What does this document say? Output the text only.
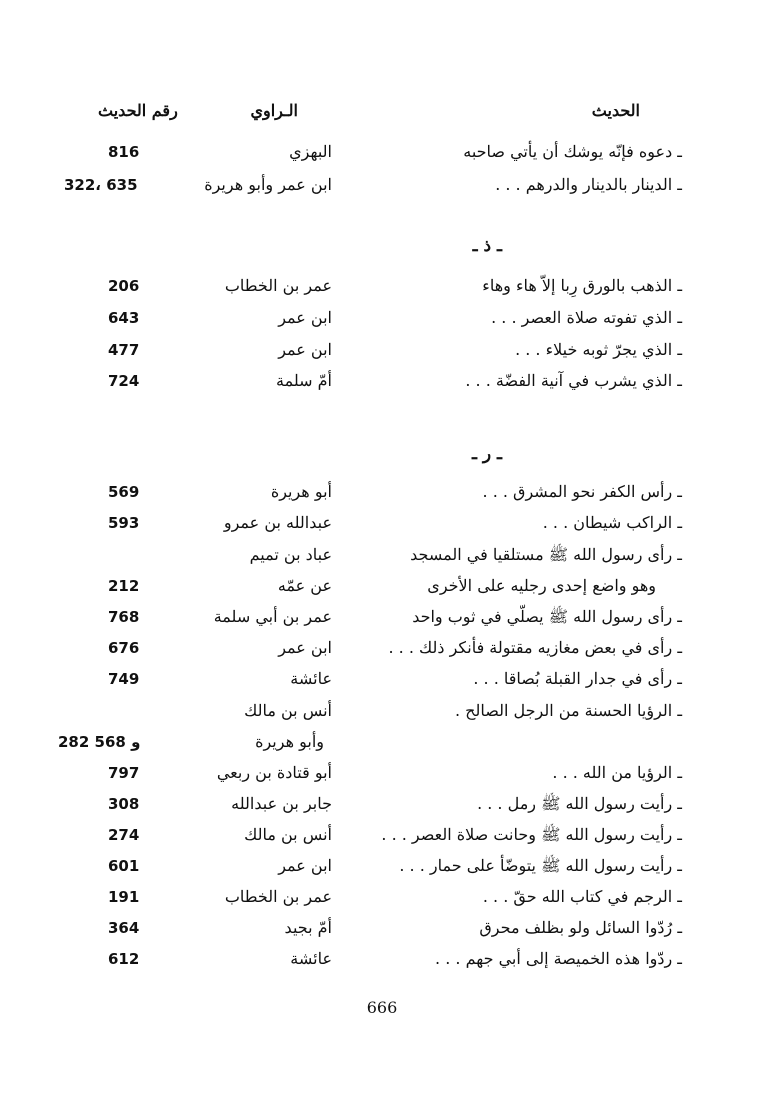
الحديث
الـراوي
رقم الحديث
ـ دعوه فإنّه يوشك أن يأتي صاحبه
البهزي
816
ـ الدينار بالدينار والدرهم . . .
ابن عمر وأبو هريرة
322، 635
ـ ذ ـ
ـ الذهب بالورق رِبا إلاّ هاء وهاء
عمر بن الخطاب
206
ـ الذي تفوته صلاة العصر . . .
ابن عمر
643
ـ الذي يجرّ ثوبه خيلاء . . .
ابن عمر
477
ـ الذي يشرب في آنية الفضّة . . .
أمّ سلمة
724
ـ ر ـ
ـ رأس الكفر نحو المشرق . . .
أبو هريرة
569
ـ الراكب شيطان . . .
عبدالله بن عمرو
593
ـ رأى رسول الله ﷺ مستلقيا في المسجد
عباد بن تميم
وهو واضع إحدى رجليه على الأخرى
عن عمّه
212
ـ رأى رسول الله ﷺ يصلّي في ثوب واحد
عمر بن أبي سلمة
768
ـ رأى في بعض مغازيه مقتولة فأنكر ذلك . . .
ابن عمر
676
ـ رأى في جدار القبلة بُصاقا . . .
عائشة
749
ـ الرؤيا الحسنة من الرجل الصالح .
أنس بن مالك
وأبو هريرة
282 و 568
ـ الرؤيا من الله . . .
أبو قتادة بن ربعي
797
ـ رأيت رسول الله ﷺ رمل . . .
جابر بن عبدالله
308
ـ رأيت رسول الله ﷺ وحانت صلاة العصر . . .
أنس بن مالك
274
ـ رأيت رسول الله ﷺ يتوضّأ على حمار . . .
ابن عمر
601
ـ الرجم في كتاب الله حقّ . . .
عمر بن الخطاب
191
ـ رُدّوا السائل ولو بظلف محرق
أمّ بجيد
364
ـ ردّوا هذه الخميصة إلى أبي جهم . . .
عائشة
612
666
